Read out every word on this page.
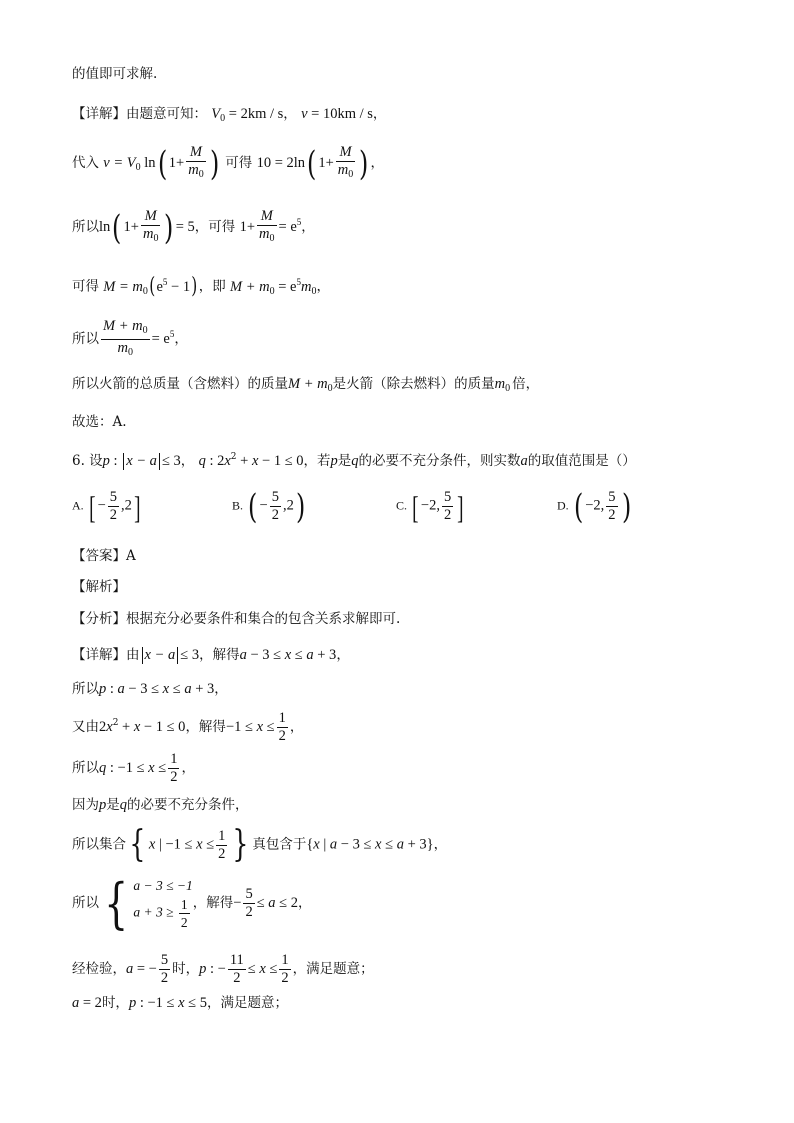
的值即可求解.
【详解】由题意可知： $V_0 = 2km / s$， v = 10km / s，
代入 $v = V_0$ ln( $1+ \frac{M}{m_0}$ ) 可得 10 = 2ln( $1+ \frac{M}{m_0}$ ) ，
所以ln( $1+ \frac{M}{m_0}$ ) = 5，可得 $1+ \frac{M}{m_0} = e^5$，
可得 $M = m_0(e^5 - 1)$，即 $M + m_0 = e^5m_0$，
所以 $\frac{M + m_0}{m_0} = e^5$，
所以火箭的总质量（含燃料）的质量$M + m_0$是火箭（除去燃料）的质量$m_0$ 倍，
故选：A.
6. 设p : x − a ≤ 3， q : $2x^2 + x - 1 \le 0$，若p是q的必要不充分条件，则实数a的取值范围是（）
A. [ − $\frac{5}{2} ,2$]	B. ( − $\frac{5}{2} ,2$)	C. [ −2, $\frac{5}{2}$ ]	D. ( −2, $\frac{5}{2}$ )
【答案】A
【解析】
【分析】根据充分必要条件和集合的包含关系求解即可.
【详解】由 x − a ≤ 3，解得a − 3 ≤ x ≤ a + 3，
所以p : a − 3 ≤ x ≤ a + 3，
又由$2x^2 + x - 1 \le 0$，解得$-1 \le x \le \frac{1}{2}$ ，
所以q : $-1 \le x \le \frac{1}{2}$ ，
因为p是q的必要不充分条件，
所以集合{ x | $-1 \le x \le \frac{1}{2}$ } 真包含于{x | a − 3 ≤ x ≤ a + 3}，
所以 { a − 3 ≤ −1
$a + 3 \ge \frac{1}{2}$ ，解得− $\frac{5}{2} \le a \le 2$，
经检验，a = − $\frac{5}{2}$ 时，p : − $\frac{11}{2} \le x \le \frac{1}{2}$ ，满足题意；
a = 2时，p : −1 ≤ x ≤ 5，满足题意；
